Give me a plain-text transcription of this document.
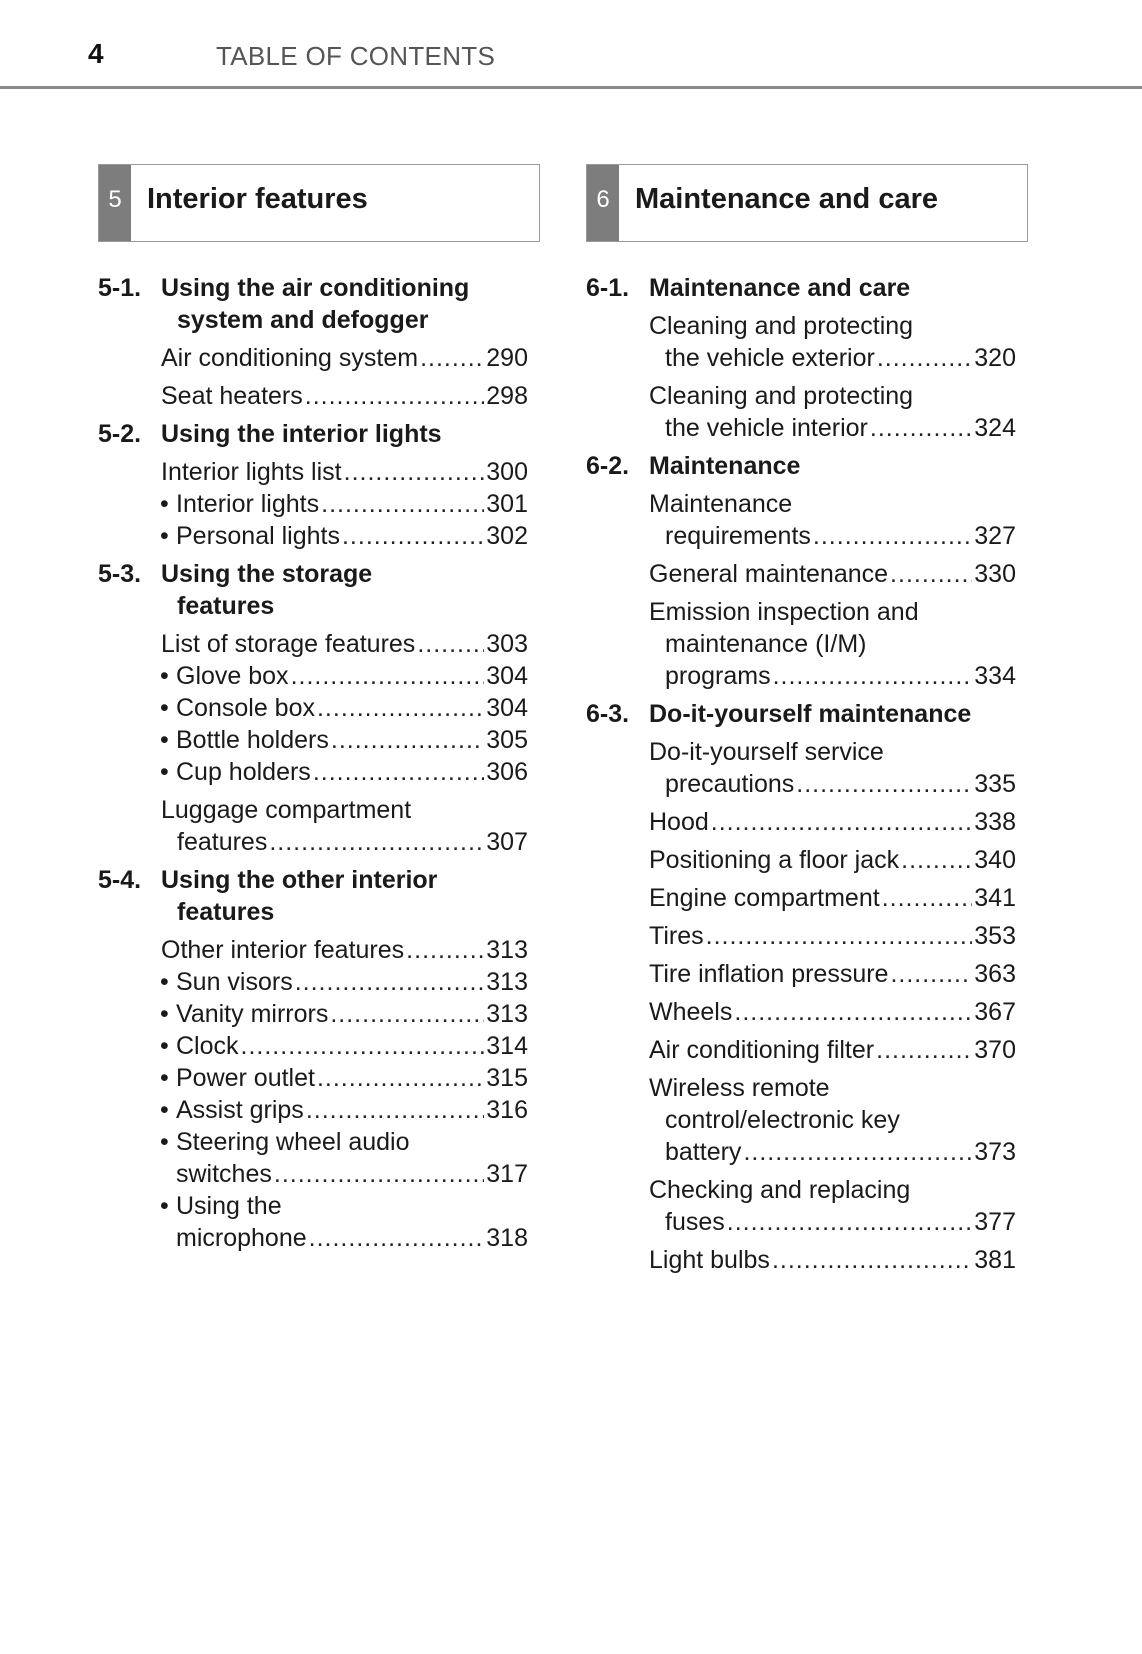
4	TABLE OF CONTENTS
5 Interior features
5-1. Using the air conditioning
system and defogger
Air conditioning system .....	290
Seat heaters .....	298
5-2. Using the interior lights
Interior lights list .....	300
• Interior lights .....	301
• Personal lights .....	302
5-3. Using the storage
features
List of storage features .....	303
• Glove box .....	304
• Console box .....	304
• Bottle holders .....	305
• Cup holders .....	306
Luggage compartment
features .....	307
5-4. Using the other interior
features
Other interior features .....	313
• Sun visors .....	313
• Vanity mirrors .....	313
• Clock .....	314
• Power outlet .....	315
• Assist grips .....	316
• Steering wheel audio
switches .....	317
• Using the
microphone .....	318
6 Maintenance and care
6-1. Maintenance and care
Cleaning and protecting
the vehicle exterior .....	320
Cleaning and protecting
the vehicle interior .....	324
6-2. Maintenance
Maintenance
requirements .....	327
General maintenance .....	330
Emission inspection and
maintenance (I/M)
programs .....	334
6-3. Do-it-yourself maintenance
Do-it-yourself service
precautions .....	335
Hood .....	338
Positioning a floor jack .....	340
Engine compartment .....	341
Tires .....	353
Tire inflation pressure .....	363
Wheels .....	367
Air conditioning filter .....	370
Wireless remote
control/electronic key
battery .....	373
Checking and replacing
fuses .....	377
Light bulbs .....	381
